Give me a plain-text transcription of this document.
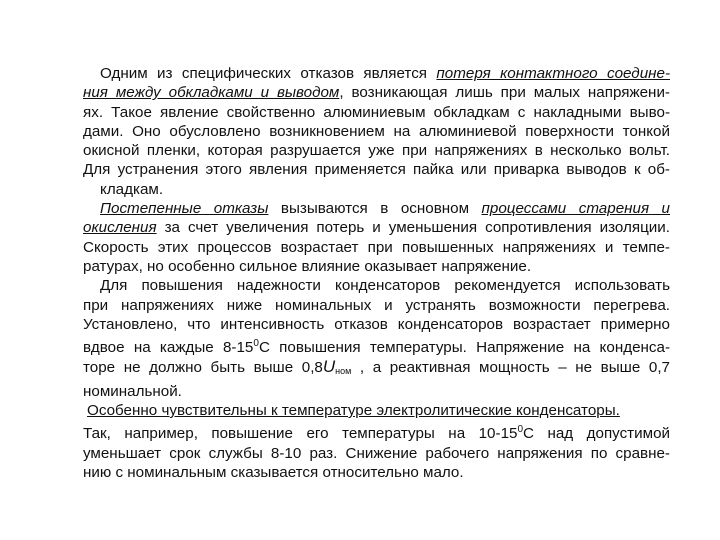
Одним из специфических отказов является потеря контактного соедине-
ния между обкладками и выводом, возникающая лишь при малых напряжени-
ях. Такое явление свойственно алюминиевым обкладкам с накладными выво-
дами. Оно обусловлено возникновением на алюминиевой поверхности тонкой
окисной пленки, которая разрушается уже при напряжениях в несколько вольт.
Для устранения этого явления применяется пайка или приварка выводов к об-
кладкам.

Постепенные отказы вызываются в основном процессами старения и
окисления за счет увеличения потерь и уменьшения сопротивления изоляции.
Скорость этих процессов возрастает при повышенных напряжениях и темпе-
ратурах, но особенно сильное влияние оказывает напряжение.

Для повышения надежности конденсаторов рекомендуется использовать
при напряжениях ниже номинальных и устранять возможности перегрева.
Установлено, что интенсивность отказов конденсаторов возрастает примерно
вдвое на каждые $8-15^0С$ повышения температуры. Напряжение на конденса-
торе не должно быть выше $0,8U_{ном}$ , а реактивная мощность – не выше 0,7
номинальной.

Особенно чувствительны к температуре электролитические конденсаторы.
Так, например, повышение его температуры на $10-15^0С$ над допустимой
уменьшает срок службы 8-10 раз. Снижение рабочего напряжения по сравне-
нию с номинальным сказывается относительно мало.
